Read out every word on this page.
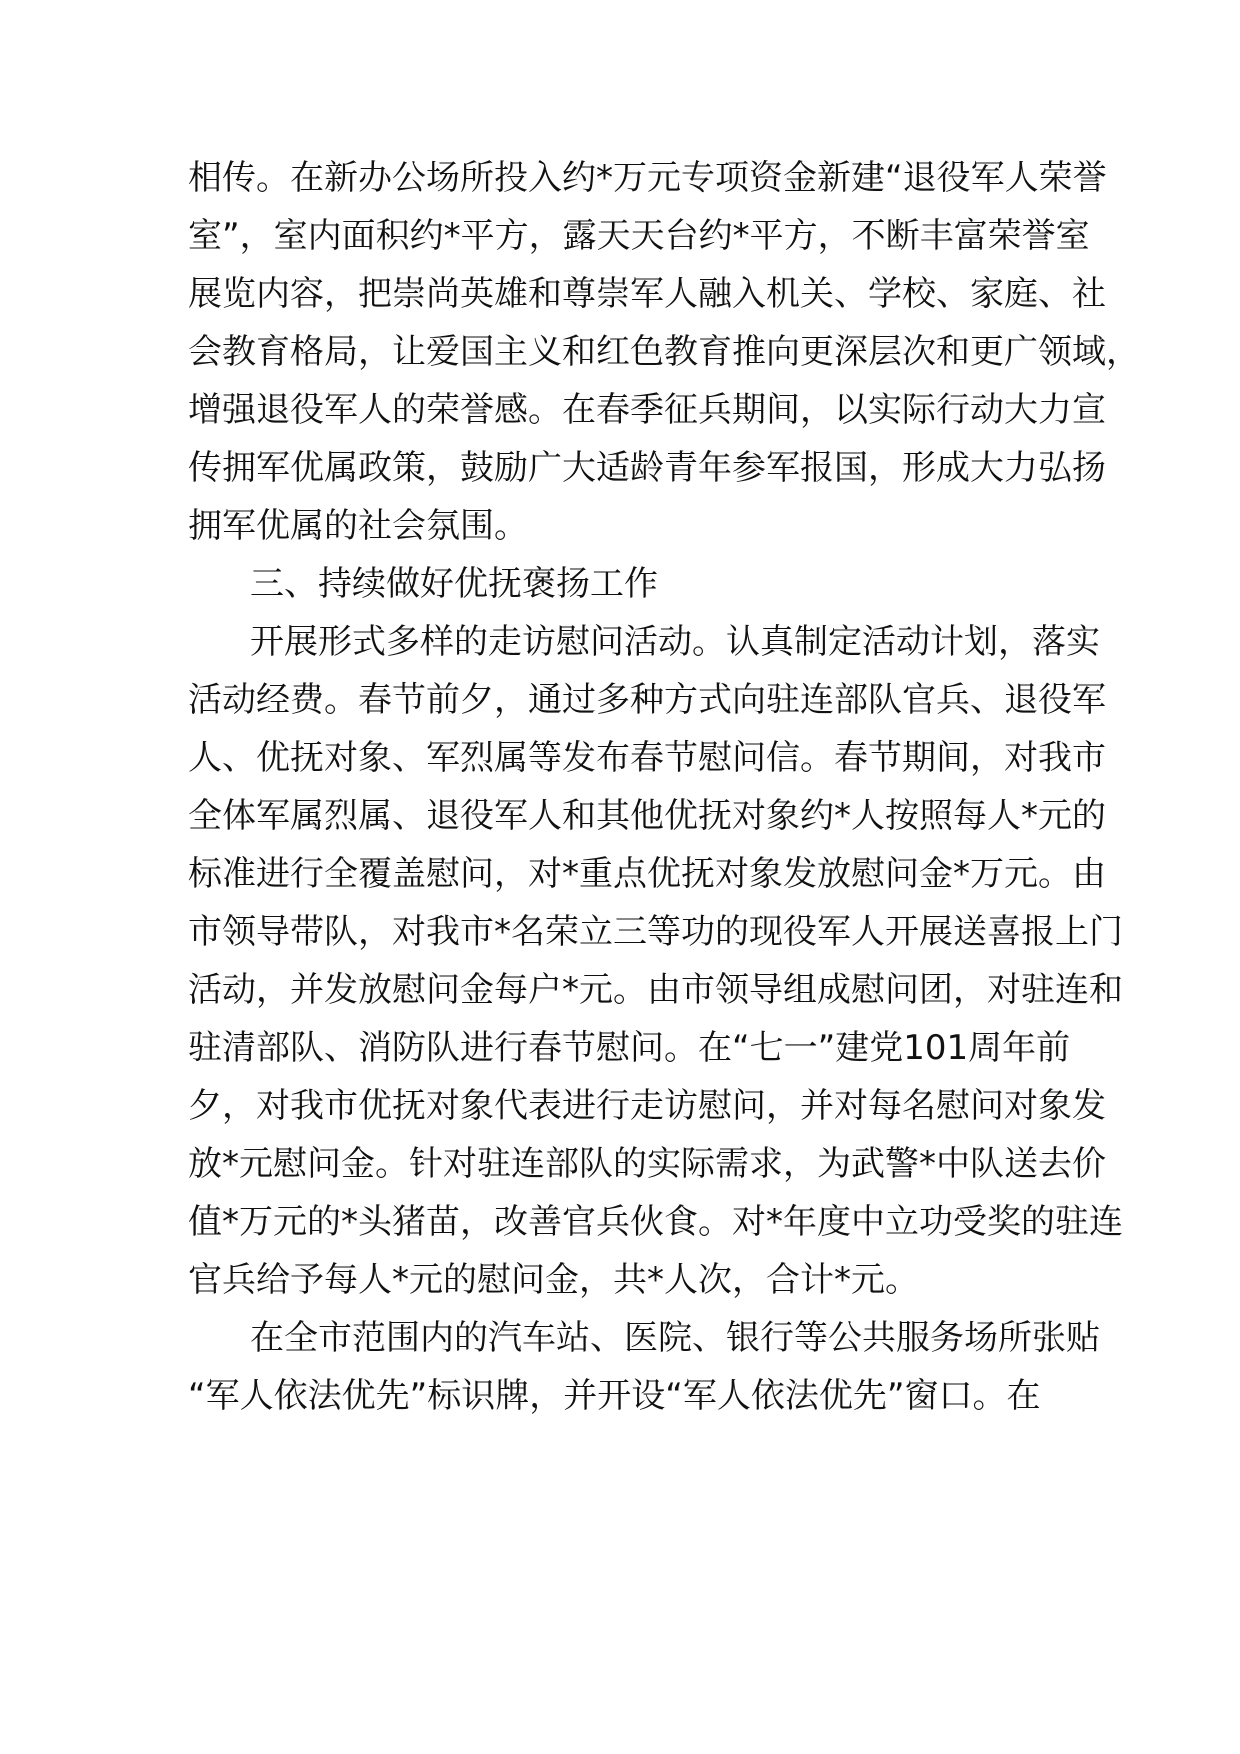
相传。在新办公场所投入约*万元专项资金新建“退役军人荣誉
室”，室内面积约*平方，露天天台约*平方，不断丰富荣誉室
展览内容，把崇尚英雄和尊崇军人融入机关、学校、家庭、社
会教育格局，让爱国主义和红色教育推向更深层次和更广领域，
增强退役军人的荣誉感。在春季征兵期间，以实际行动大力宣
传拥军优属政策，鼓励广大适龄青年参军报国，形成大力弘扬
拥军优属的社会氛围。
三、持续做好优抚褒扬工作
开展形式多样的走访慰问活动。认真制定活动计划，落实
活动经费。春节前夕，通过多种方式向驻连部队官兵、退役军
人、优抚对象、军烈属等发布春节慰问信。春节期间，对我市
全体军属烈属、退役军人和其他优抚对象约*人按照每人*元的
标准进行全覆盖慰问，对*重点优抚对象发放慰问金*万元。由
市领导带队，对我市*名荣立三等功的现役军人开展送喜报上门
活动，并发放慰问金每户*元。由市领导组成慰问团，对驻连和
驻清部队、消防队进行春节慰问。在“七一”建党101周年前
夕，对我市优抚对象代表进行走访慰问，并对每名慰问对象发
放*元慰问金。针对驻连部队的实际需求，为武警*中队送去价
值*万元的*头猪苗，改善官兵伙食。对*年度中立功受奖的驻连
官兵给予每人*元的慰问金，共*人次，合计*元。
在全市范围内的汽车站、医院、银行等公共服务场所张贴
“军人依法优先”标识牌，并开设“军人依法优先”窗口。在
